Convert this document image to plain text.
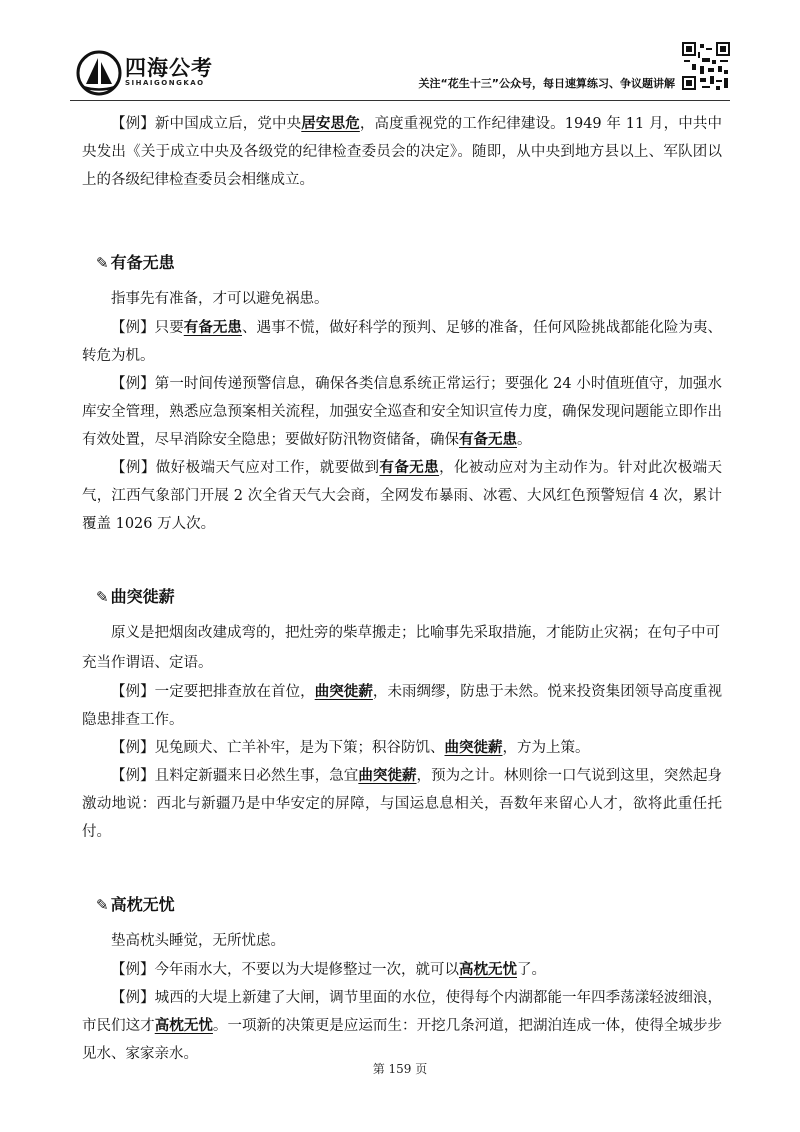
四海公考
SIHAIGONGKAO	关注“花生十三”公众号，每日速算练习、争议题讲解

【例】新中国成立后，党中央居安思危，高度重视党的工作纪律建设。1949 年 11 月，中共中央发出《关于成立中央及各级党的纪律检查委员会的决定》。随即，从中央到地方县以上、军队团以上的各级纪律检查委员会相继成立。

✎ 有备无患

指事先有准备，才可以避免祸患。

【例】只要有备无患、遇事不慌，做好科学的预判、足够的准备，任何风险挑战都能化险为夷、转危为机。

【例】第一时间传递预警信息，确保各类信息系统正常运行；要强化 24 小时值班值守，加强水库安全管理，熟悉应急预案相关流程，加强安全巡查和安全知识宣传力度，确保发现问题能立即作出有效处置，尽早消除安全隐患；要做好防汛物资储备，确保有备无患。

【例】做好极端天气应对工作，就要做到有备无患，化被动应对为主动作为。针对此次极端天气，江西气象部门开展 2 次全省天气大会商，全网发布暴雨、冰雹、大风红色预警短信 4 次，累计覆盖 1026 万人次。

✎ 曲突徙薪

原义是把烟囱改建成弯的，把灶旁的柴草搬走；比喻事先采取措施，才能防止灾祸；在句子中可充当作谓语、定语。

【例】一定要把排查放在首位，曲突徙薪，未雨绸缪，防患于未然。悦来投资集团领导高度重视隐患排查工作。

【例】见兔顾犬、亡羊补牢，是为下策；积谷防饥、曲突徙薪，方为上策。

【例】且料定新疆来日必然生事，急宜曲突徙薪，预为之计。林则徐一口气说到这里，突然起身激动地说：西北与新疆乃是中华安定的屏障，与国运息息相关，吾数年来留心人才，欲将此重任托付。

✎ 高枕无忧

垫高枕头睡觉，无所忧虑。

【例】今年雨水大，不要以为大堤修整过一次，就可以高枕无忧了。

【例】城西的大堤上新建了大闸，调节里面的水位，使得每个内湖都能一年四季荡漾轻波细浪，市民们这才高枕无忧。一项新的决策更是应运而生：开挖几条河道，把湖泊连成一体，使得全城步步见水、家家亲水。

第 159 页
